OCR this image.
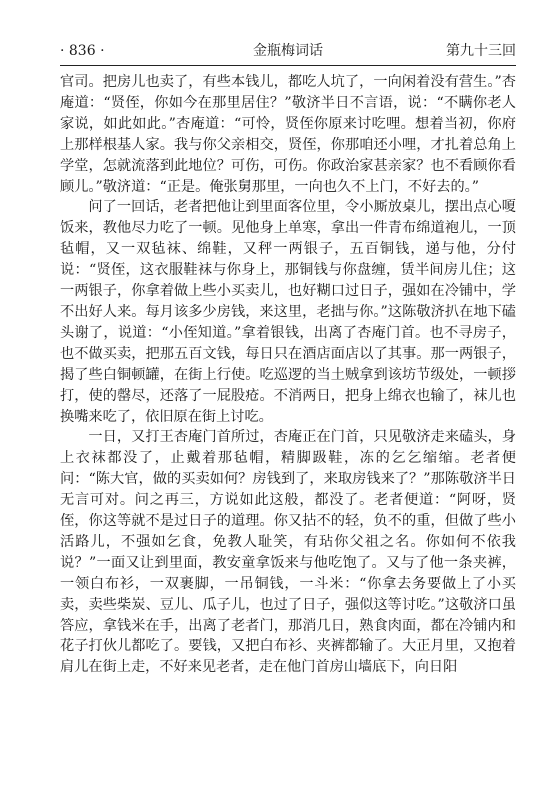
· 836 ·	金瓶梅词话	第九十三回

官司。把房儿也卖了，有些本钱儿，都吃人坑了，一向闲着没有营生。”杏庵道：“贤侄，你如今在那里居住？”敬济半日不言语，说：“不瞒你老人家说，如此如此。”杏庵道：“可怜，贤侄你原来讨吃哩。想着当初，你府上那样根基人家。我与你父亲相交，贤侄，你那咱还小哩，才扎着总角上学堂，怎就流落到此地位？可伤，可伤。你政治家甚亲家？也不看顾你看顾儿。”敬济道：“正是。俺张舅那里，一向也久不上门，不好去的。”

问了一回话，老者把他让到里面客位里，令小厮放桌儿，摆出点心嗄饭来，教他尽力吃了一顿。见他身上单寒，拿出一件青布绵道袍儿，一顶毡帽，又一双毡袜、绵鞋，又秤一两银子，五百铜钱，递与他，分付说：“贤侄，这衣服鞋袜与你身上，那铜钱与你盘缠，赁半间房儿住；这一两银子，你拿着做上些小买卖儿，也好糊口过日子，强如在冷铺中，学不出好人来。每月该多少房钱，来这里，老拙与你。”这陈敬济扒在地下磕头谢了，说道：“小侄知道。”拿着银钱，出离了杏庵门首。也不寻房子，也不做买卖，把那五百文钱，每日只在酒店面店以了其事。那一两银子，揭了些白铜顿罐，在街上行使。吃巡逻的当土贼拿到该坊节级处，一顿拶打，使的罄尽，还落了一屁股疮。不消两日，把身上绵衣也输了，袜儿也换嘴来吃了，依旧原在街上讨吃。

一日，又打王杏庵门首所过，杏庵正在门首，只见敬济走来磕头，身上衣袜都没了，止戴着那毡帽，精脚趿鞋，冻的乞乞缩缩。老者便问：“陈大官，做的买卖如何？房钱到了，来取房钱来了？”那陈敬济半日无言可对。问之再三，方说如此这般，都没了。老者便道：“阿呀，贤侄，你这等就不是过日子的道理。你又拈不的轻，负不的重，但做了些小活路儿，不强如乞食，免教人耻笑，有玷你父祖之名。你如何不依我说？”一面又让到里面，教安童拿饭来与他吃饱了。又与了他一条夹裤，一领白布衫，一双裹脚，一吊铜钱，一斗米：“你拿去务要做上了小买卖，卖些柴炭、豆儿、瓜子儿，也过了日子，强似这等讨吃。”这敬济口虽答应，拿钱米在手，出离了老者门，那消几日，熟食肉面，都在冷铺内和花子打伙儿都吃了。要钱，又把白布衫、夹裤都输了。大正月里，又抱着肩儿在街上走，不好来见老者，走在他门首房山墙底下，向日阳
